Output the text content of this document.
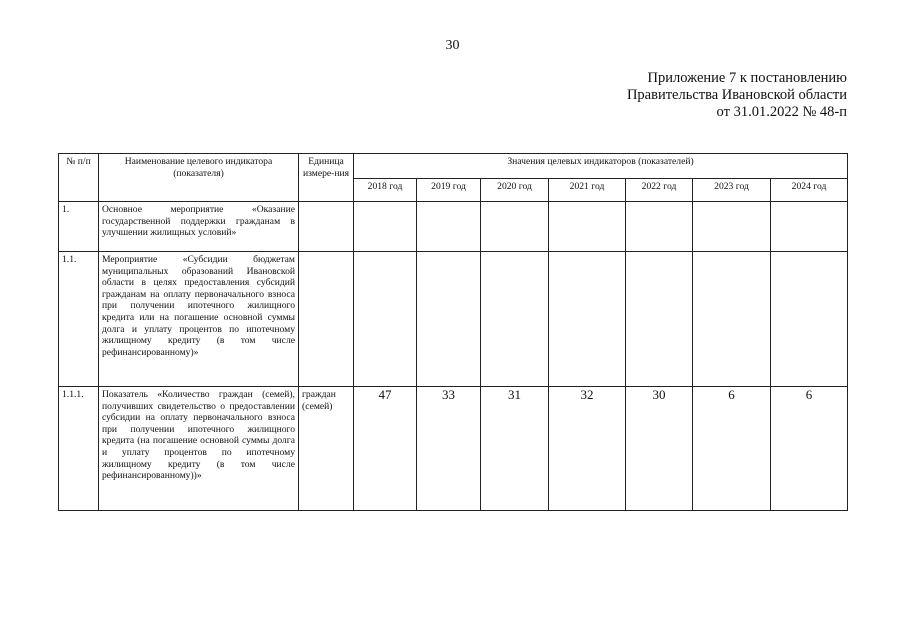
30
Приложение 7 к постановлению
Правительства Ивановской области
от 31.01.2022 № 48-п
№ п/п	Наименование целевого индикатора (показателя)	Единица измере-ния	Значения целевых индикаторов (показателей)						
			2018 год	2019 год	2020 год	2021 год	2022 год	2023 год	2024 год
1.	Основное мероприятие «Оказание государственной поддержки гражданам в улучшении жилищных условий»								
1.1.	Мероприятие «Субсидии бюджетам муниципальных образований Ивановской области в целях предоставления субсидий гражданам на оплату первоначального взноса при получении ипотечного жилищного кредита или на погашение основной суммы долга и уплату процентов по ипотечному жилищному кредиту (в том числе рефинансированному)»								
1.1.1.	Показатель «Количество граждан (семей), получивших свидетельство о предоставлении субсидии на оплату первоначального взноса при получении ипотечного жилищного кредита (на погашение основной суммы долга и уплату процентов по ипотечному жилищному кредиту (в том числе рефинансированному))»	граждан (семей)	47	33	31	32	30	6	6
